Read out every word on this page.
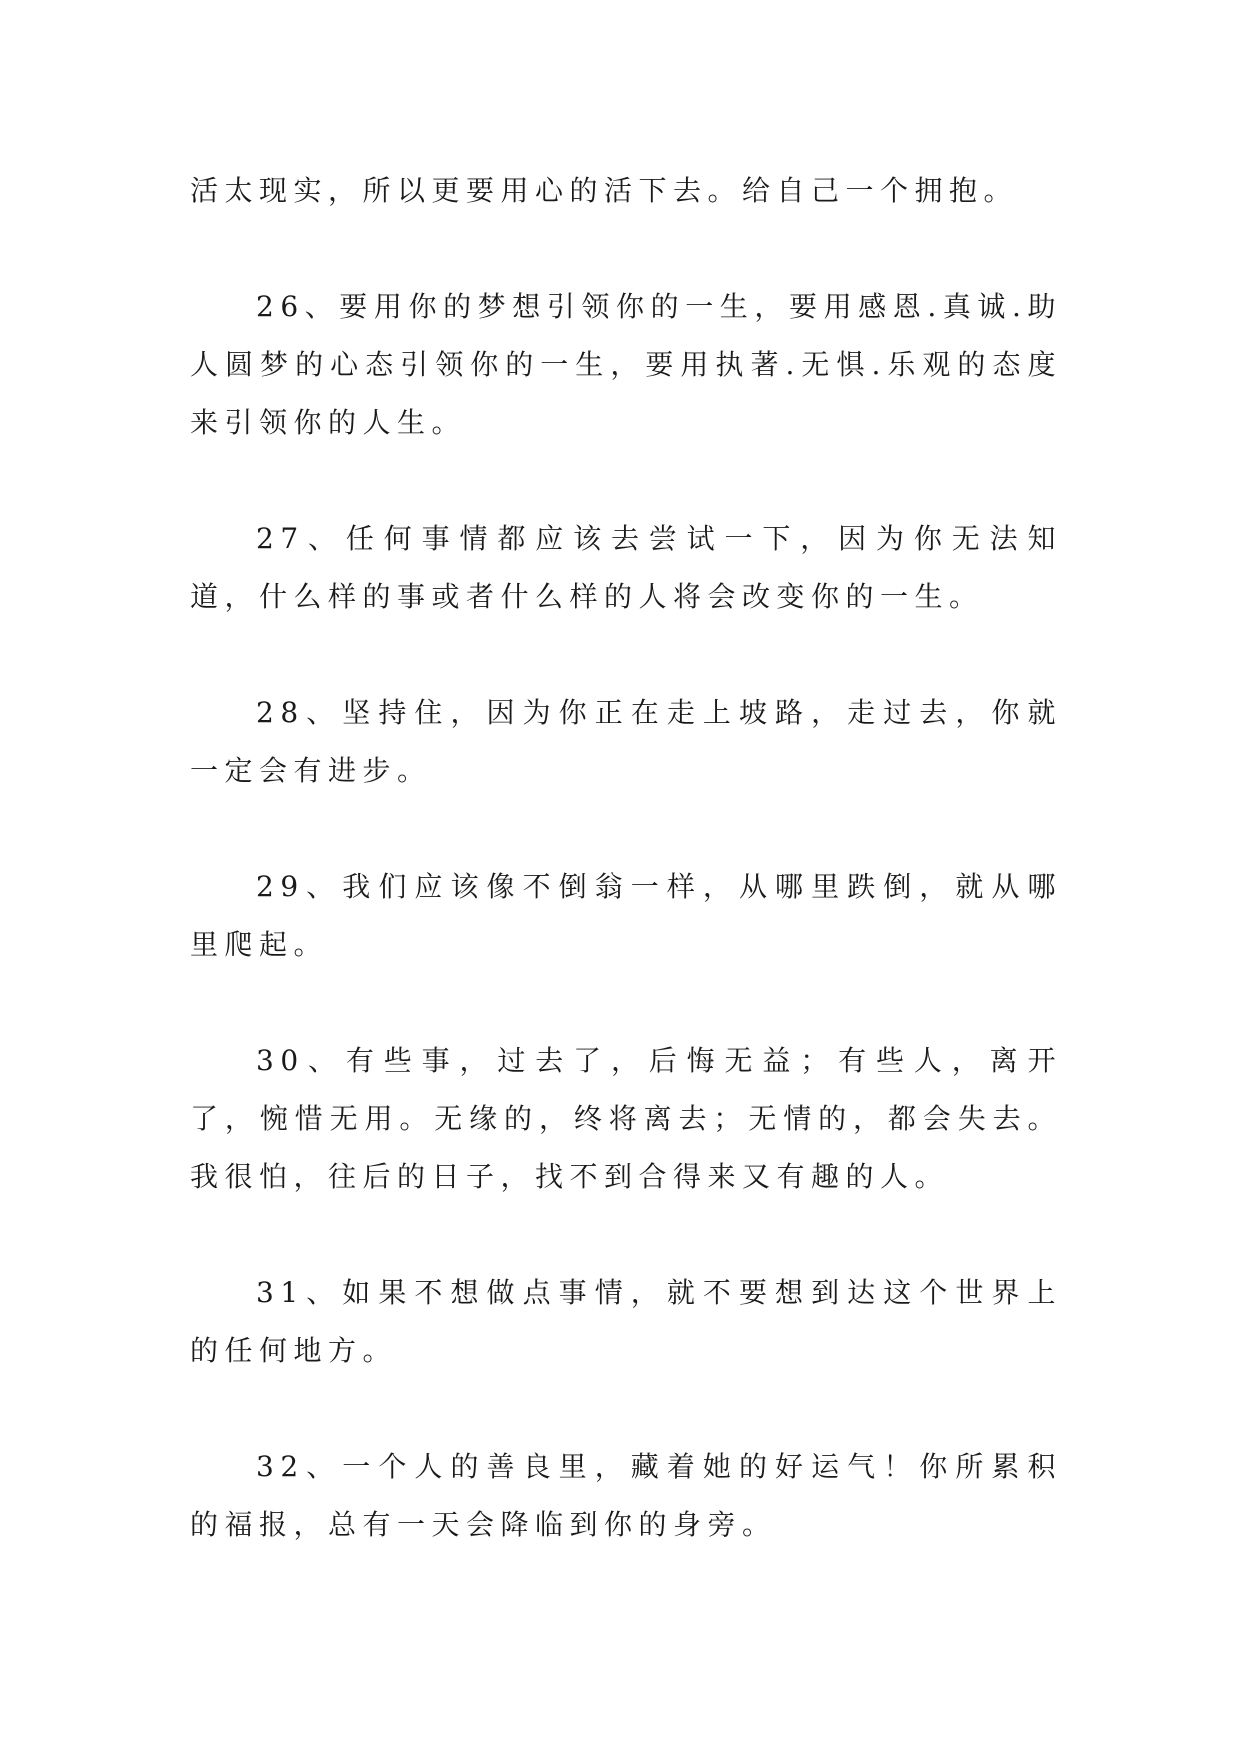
活太现实，所以更要用心的活下去。给自己一个拥抱。

26、要用你的梦想引领你的一生，要用感恩.真诚.助人圆梦的心态引领你的一生，要用执著.无惧.乐观的态度来引领你的人生。

27、任何事情都应该去尝试一下，因为你无法知道，什么样的事或者什么样的人将会改变你的一生。

28、坚持住，因为你正在走上坡路，走过去，你就一定会有进步。

29、我们应该像不倒翁一样，从哪里跌倒，就从哪里爬起。

30、有些事，过去了，后悔无益；有些人，离开了，惋惜无用。无缘的，终将离去；无情的，都会失去。我很怕，往后的日子，找不到合得来又有趣的人。

31、如果不想做点事情，就不要想到达这个世界上的任何地方。

32、一个人的善良里，藏着她的好运气！你所累积的福报，总有一天会降临到你的身旁。
